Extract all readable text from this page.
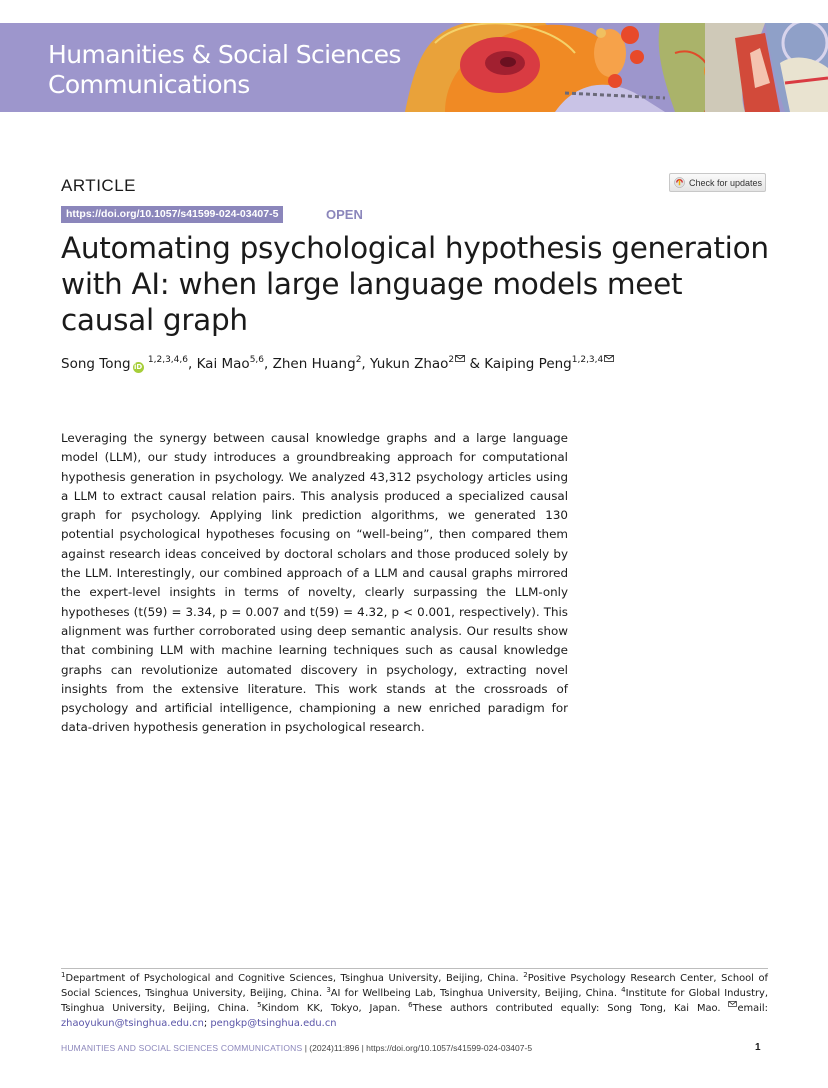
Humanities & Social Sciences
Communications
ARTICLE	Check for updates
https://doi.org/10.1057/s41599-024-03407-5	OPEN
Automating psychological hypothesis generation with AI: when large language models meet causal graph
Song Tong iD $^{1,2,3,4,6}$, Kai Mao$^{5,6}$, Zhen Huang$^2$, Yukun Zhao$^2$ & Kaiping Peng$^{1,2,3,4}$

Leveraging the synergy between causal knowledge graphs and a large language model (LLM), our study introduces a groundbreaking approach for computational hypothesis generation in psychology. We analyzed 43,312 psychology articles using a LLM to extract causal relation pairs. This analysis produced a specialized causal graph for psychology. Applying link prediction algorithms, we generated 130 potential psychological hypotheses focusing on “well-being”, then compared them against research ideas conceived by doctoral scholars and those produced solely by the LLM. Interestingly, our combined approach of a LLM and causal graphs mirrored the expert-level insights in terms of novelty, clearly surpassing the LLM-only hypotheses (t(59) = 3.34, p = 0.007 and t(59) = 4.32, p < 0.001, respectively). This alignment was further corroborated using deep semantic analysis. Our results show that combining LLM with machine learning techniques such as causal knowledge graphs can revolutionize automated discovery in psychology, extracting novel insights from the extensive literature. This work stands at the crossroads of psychology and artificial intelligence, championing a new enriched paradigm for data-driven hypothesis generation in psychological research.

$^1$Department of Psychological and Cognitive Sciences, Tsinghua University, Beijing, China. $^2$Positive Psychology Research Center, School of Social Sciences, Tsinghua University, Beijing, China. $^3$AI for Wellbeing Lab, Tsinghua University, Beijing, China. $^4$Institute for Global Industry, Tsinghua University, Beijing, China. $^5$Kindom KK, Tokyo, Japan. $^6$These authors contributed equally: Song Tong, Kai Mao. email: zhaoyukun@tsinghua.edu.cn; pengkp@tsinghua.edu.cn
HUMANITIES AND SOCIAL SCIENCES COMMUNICATIONS | (2024)11:896 | https://doi.org/10.1057/s41599-024-03407-5	1
